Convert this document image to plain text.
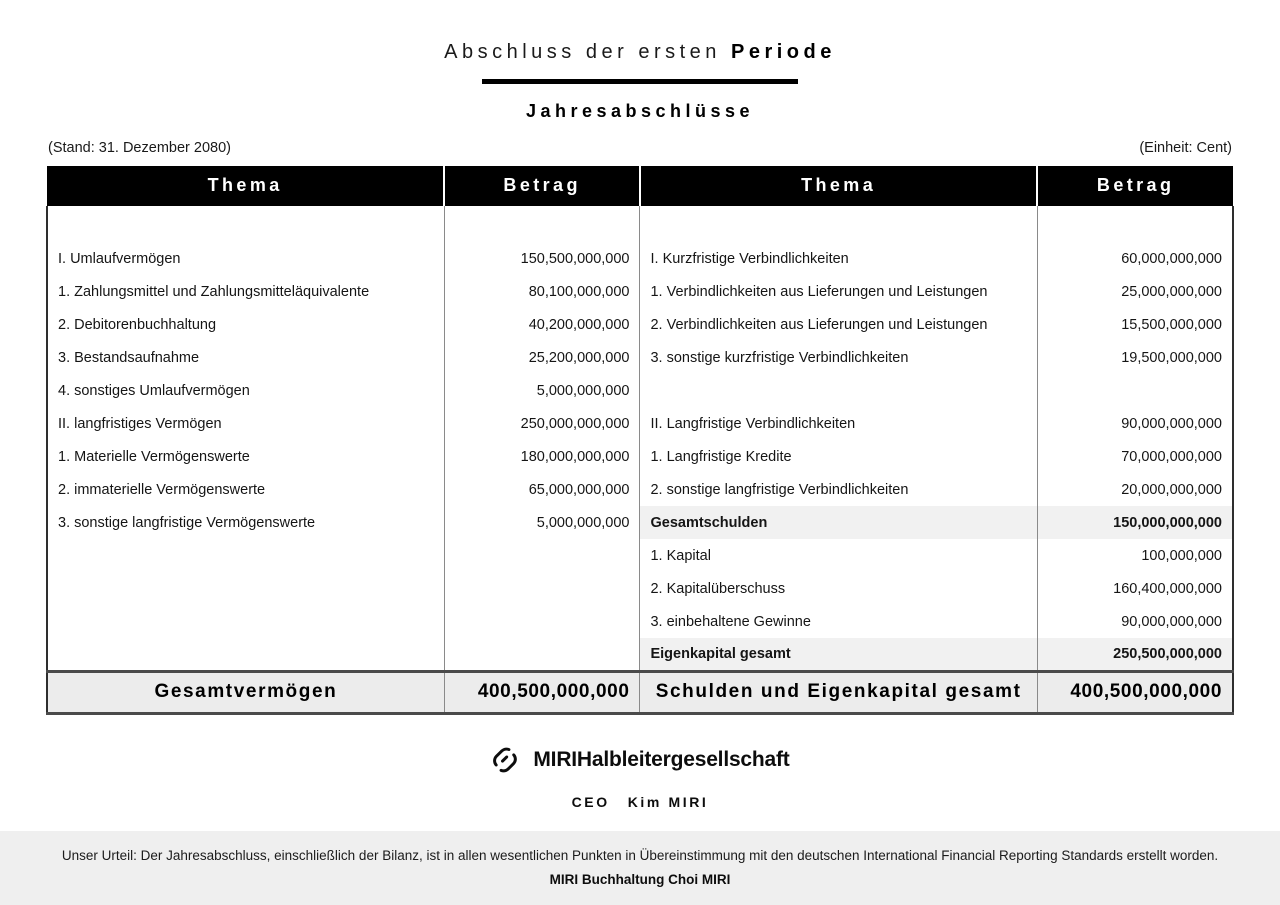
Abschluss der ersten Periode
Jahresabschlüsse
(Stand: 31. Dezember 2080)	(Einheit: Cent)
Thema	Betrag	Thema	Betrag

I. Umlaufvermögen	150,500,000,000	I. Kurzfristige Verbindlichkeiten	60,000,000,000
1. Zahlungsmittel und Zahlungsmitteläquivalente	80,100,000,000	1. Verbindlichkeiten aus Lieferungen und Leistungen	25,000,000,000
2. Debitorenbuchhaltung	40,200,000,000	2. Verbindlichkeiten aus Lieferungen und Leistungen	15,500,000,000
3. Bestandsaufnahme	25,200,000,000	3. sonstige kurzfristige Verbindlichkeiten	19,500,000,000
4. sonstiges Umlaufvermögen	5,000,000,000		
II. langfristiges Vermögen	250,000,000,000	II. Langfristige Verbindlichkeiten	90,000,000,000
1. Materielle Vermögenswerte	180,000,000,000	1. Langfristige Kredite	70,000,000,000
2. immaterielle Vermögenswerte	65,000,000,000	2. sonstige langfristige Verbindlichkeiten	20,000,000,000
3. sonstige langfristige Vermögenswerte	5,000,000,000	Gesamtschulden	150,000,000,000
		1. Kapital	100,000,000
		2. Kapitalüberschuss	160,400,000,000
		3. einbehaltene Gewinne	90,000,000,000
		Eigenkapital gesamt	250,500,000,000
Gesamtvermögen	400,500,000,000	Schulden und Eigenkapital gesamt	400,500,000,000
MIRIHalbleitergesellschaft
CEO Kim MIRI
Unser Urteil: Der Jahresabschluss, einschließlich der Bilanz, ist in allen wesentlichen Punkten in Übereinstimmung mit den deutschen International Financial Reporting Standards erstellt worden.
MIRI Buchhaltung Choi MIRI
